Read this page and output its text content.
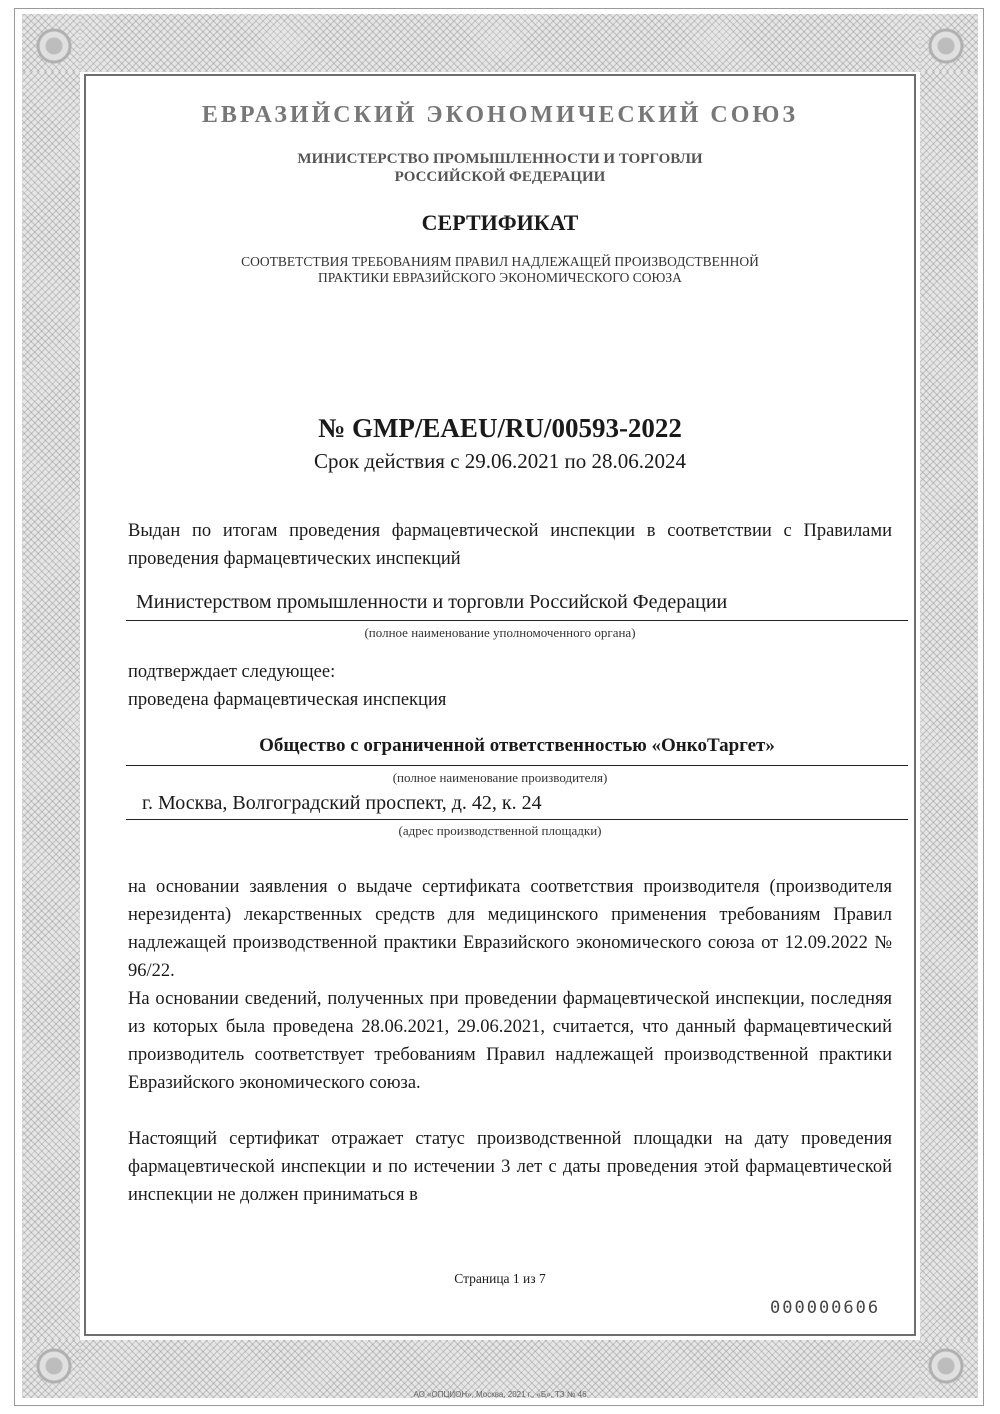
ЕВРАЗИЙСКИЙ ЭКОНОМИЧЕСКИЙ СОЮЗ
МИНИСТЕРСТВО ПРОМЫШЛЕННОСТИ И ТОРГОВЛИ
РОССИЙСКОЙ ФЕДЕРАЦИИ
СЕРТИФИКАТ
СООТВЕТСТВИЯ ТРЕБОВАНИЯМ ПРАВИЛ НАДЛЕЖАЩЕЙ ПРОИЗВОДСТВЕННОЙ
ПРАКТИКИ ЕВРАЗИЙСКОГО ЭКОНОМИЧЕСКОГО СОЮЗА
№ GMP/EAEU/RU/00593-2022
Срок действия с 29.06.2021 по 28.06.2024
Выдан по итогам проведения фармацевтической инспекции в соответствии с Правилами проведения фармацевтических инспекций
Министерством промышленности и торговли Российской Федерации
(полное наименование уполномоченного органа)
подтверждает следующее:
проведена фармацевтическая инспекция
Общество с ограниченной ответственностью «ОнкоТаргет»
(полное наименование производителя)
г. Москва, Волгоградский проспект, д. 42, к. 24
(адрес производственной площадки)
на основании заявления о выдаче сертификата соответствия производителя (производителя нерезидента) лекарственных средств для медицинского применения требованиям Правил надлежащей производственной практики Евразийского экономического союза от 12.09.2022 № 96/22.
На основании сведений, полученных при проведении фармацевтической инспекции, последняя из которых была проведена 28.06.2021, 29.06.2021, считается, что данный фармацевтический производитель соответствует требованиям Правил надлежащей производственной практики Евразийского экономического союза.
Настоящий сертификат отражает статус производственной площадки на дату проведения фармацевтической инспекции и по истечении 3 лет с даты проведения этой фармацевтической инспекции не должен приниматься в
Страница 1 из 7
000000606
АО «ОПЦИОН», Москва, 2021 г., «Б», ТЗ № 46
